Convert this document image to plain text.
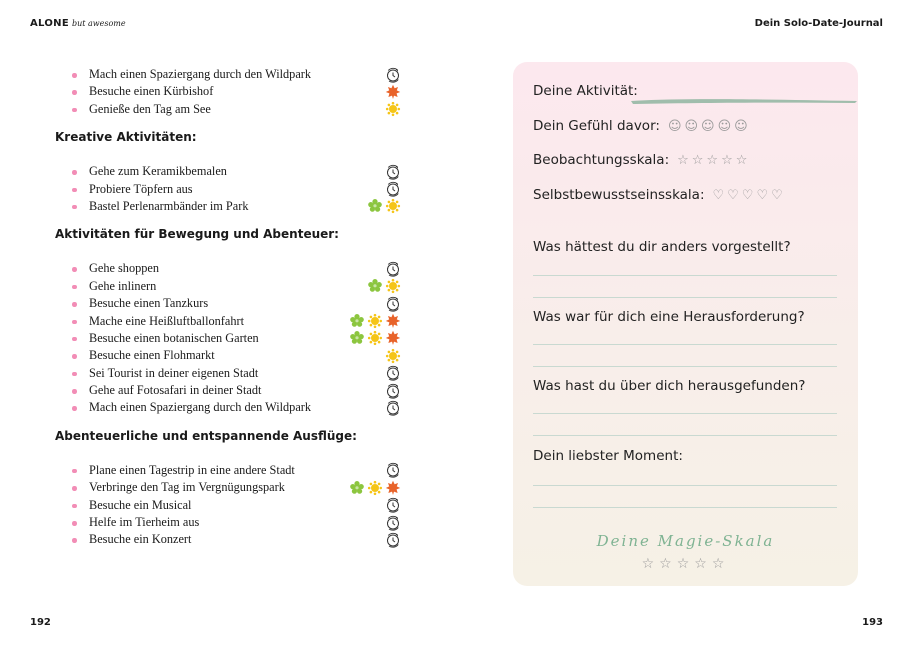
ALONE but awesome	Dein Solo-Date-Journal
Mach einen Spaziergang durch den Wildpark
Besuche einen Kürbishof
Genieße den Tag am See
Kreative Aktivitäten:
Gehe zum Keramikbemalen
Probiere Töpfern aus
Bastel Perlenarmbänder im Park
Aktivitäten für Bewegung und Abenteuer:
Gehe shoppen
Gehe inlinern
Besuche einen Tanzkurs
Mache eine Heißluftballonfahrt
Besuche einen botanischen Garten
Besuche einen Flohmarkt
Sei Tourist in deiner eigenen Stadt
Gehe auf Fotosafari in deiner Stadt
Mach einen Spaziergang durch den Wildpark
Abenteuerliche und entspannende Ausflüge:
Plane einen Tagestrip in eine andere Stadt
Verbringe den Tag im Vergnügungspark
Besuche ein Musical
Helfe im Tierheim aus
Besuche ein Konzert
Deine Aktivität:
Dein Gefühl davor: ☺☺☺☺☺
Beobachtungsskala: ☆☆☆☆☆
Selbstbewusstseinsskala: ♡♡♡♡♡
Was hättest du dir anders vorgestellt?
Was war für dich eine Herausforderung?
Was hast du über dich herausgefunden?
Dein liebster Moment:
Deine Magie-Skala
☆☆☆☆☆
192	193
